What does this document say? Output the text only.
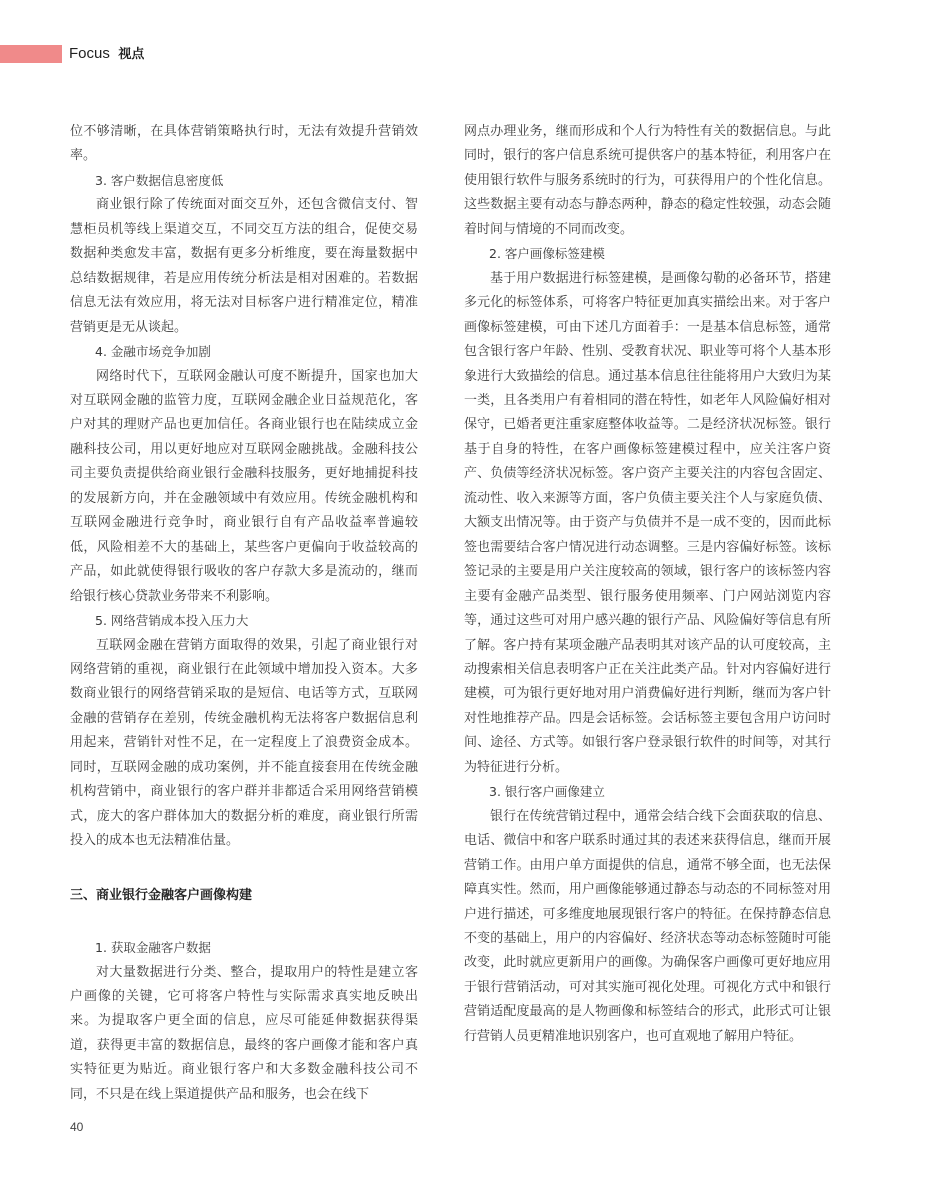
Focus 视点

位不够清晰，在具体营销策略执行时，无法有效提升营销效率。

3. 客户数据信息密度低

商业银行除了传统面对面交互外，还包含微信支付、智慧柜员机等线上渠道交互，不同交互方法的组合，促使交易数据种类愈发丰富，数据有更多分析维度，要在海量数据中总结数据规律，若是应用传统分析法是相对困难的。若数据信息无法有效应用，将无法对目标客户进行精准定位，精准营销更是无从谈起。

4. 金融市场竞争加剧

网络时代下，互联网金融认可度不断提升，国家也加大对互联网金融的监管力度，互联网金融企业日益规范化，客户对其的理财产品也更加信任。各商业银行也在陆续成立金融科技公司，用以更好地应对互联网金融挑战。金融科技公司主要负责提供给商业银行金融科技服务，更好地捕捉科技的发展新方向，并在金融领域中有效应用。传统金融机构和互联网金融进行竞争时，商业银行自有产品收益率普遍较低，风险相差不大的基础上，某些客户更偏向于收益较高的产品，如此就使得银行吸收的客户存款大多是流动的，继而给银行核心贷款业务带来不利影响。

5. 网络营销成本投入压力大

互联网金融在营销方面取得的效果，引起了商业银行对网络营销的重视，商业银行在此领域中增加投入资本。大多数商业银行的网络营销采取的是短信、电话等方式，互联网金融的营销存在差别，传统金融机构无法将客户数据信息利用起来，营销针对性不足，在一定程度上了浪费资金成本。同时，互联网金融的成功案例，并不能直接套用在传统金融机构营销中，商业银行的客户群并非都适合采用网络营销模式，庞大的客户群体加大的数据分析的难度，商业银行所需投入的成本也无法精准估量。

三、商业银行金融客户画像构建

1. 获取金融客户数据

对大量数据进行分类、整合，提取用户的特性是建立客户画像的关键，它可将客户特性与实际需求真实地反映出来。为提取客户更全面的信息，应尽可能延伸数据获得渠道，获得更丰富的数据信息，最终的客户画像才能和客户真实特征更为贴近。商业银行客户和大多数金融科技公司不同，不只是在线上渠道提供产品和服务，也会在线下

网点办理业务，继而形成和个人行为特性有关的数据信息。与此同时，银行的客户信息系统可提供客户的基本特征，利用客户在使用银行软件与服务系统时的行为，可获得用户的个性化信息。这些数据主要有动态与静态两种，静态的稳定性较强，动态会随着时间与情境的不同而改变。

2. 客户画像标签建模

基于用户数据进行标签建模，是画像勾勒的必备环节，搭建多元化的标签体系，可将客户特征更加真实描绘出来。对于客户画像标签建模，可由下述几方面着手：一是基本信息标签，通常包含银行客户年龄、性别、受教育状况、职业等可将个人基本形象进行大致描绘的信息。通过基本信息往往能将用户大致归为某一类，且各类用户有着相同的潜在特性，如老年人风险偏好相对保守，已婚者更注重家庭整体收益等。二是经济状况标签。银行基于自身的特性，在客户画像标签建模过程中，应关注客户资产、负债等经济状况标签。客户资产主要关注的内容包含固定、流动性、收入来源等方面，客户负债主要关注个人与家庭负债、大额支出情况等。由于资产与负债并不是一成不变的，因而此标签也需要结合客户情况进行动态调整。三是内容偏好标签。该标签记录的主要是用户关注度较高的领域，银行客户的该标签内容主要有金融产品类型、银行服务使用频率、门户网站浏览内容等，通过这些可对用户感兴趣的银行产品、风险偏好等信息有所了解。客户持有某项金融产品表明其对该产品的认可度较高，主动搜索相关信息表明客户正在关注此类产品。针对内容偏好进行建模，可为银行更好地对用户消费偏好进行判断，继而为客户针对性地推荐产品。四是会话标签。会话标签主要包含用户访问时间、途径、方式等。如银行客户登录银行软件的时间等，对其行为特征进行分析。

3. 银行客户画像建立

银行在传统营销过程中，通常会结合线下会面获取的信息、电话、微信中和客户联系时通过其的表述来获得信息，继而开展营销工作。由用户单方面提供的信息，通常不够全面，也无法保障真实性。然而，用户画像能够通过静态与动态的不同标签对用户进行描述，可多维度地展现银行客户的特征。在保持静态信息不变的基础上，用户的内容偏好、经济状态等动态标签随时可能改变，此时就应更新用户的画像。为确保客户画像可更好地应用于银行营销活动，可对其实施可视化处理。可视化方式中和银行营销适配度最高的是人物画像和标签结合的形式，此形式可让银行营销人员更精准地识别客户，也可直观地了解用户特征。

40
